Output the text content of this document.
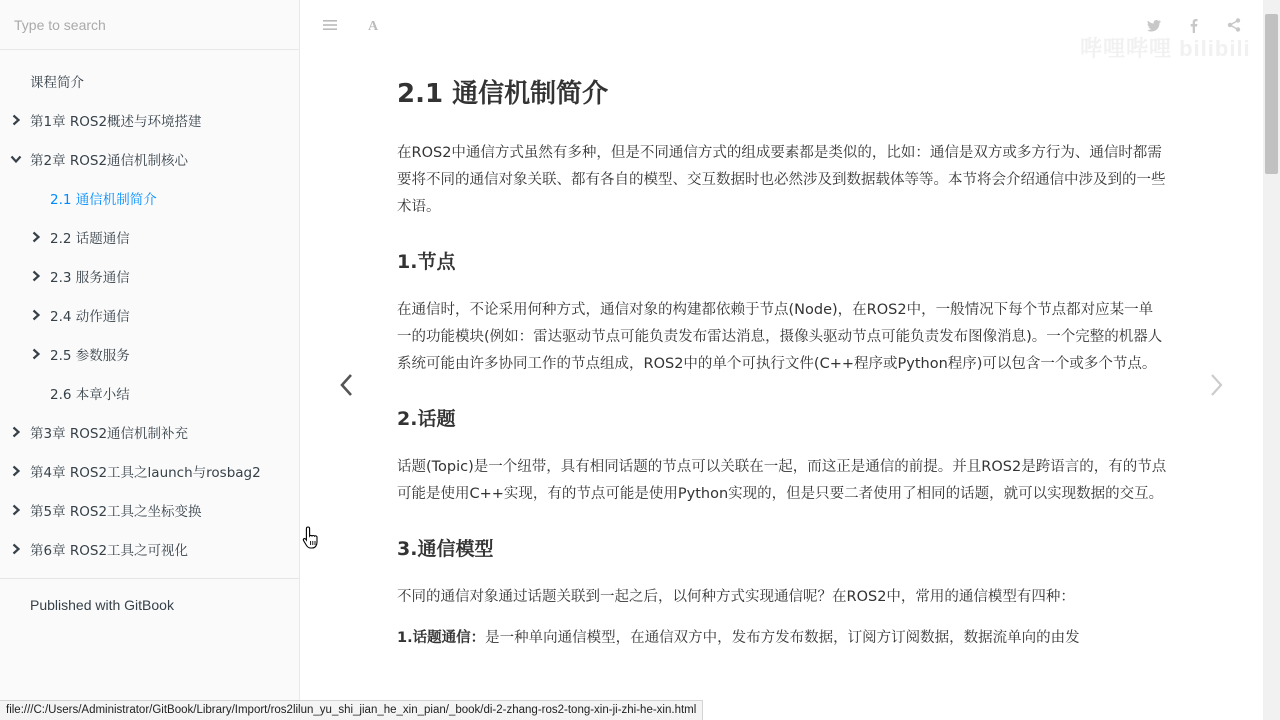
Type to search
课程简介
第1章 ROS2概述与环境搭建
第2章 ROS2通信机制核心
2.1 通信机制简介
2.2 话题通信
2.3 服务通信
2.4 动作通信
2.5 参数服务
2.6 本章小结
第3章 ROS2通信机制补充
第4章 ROS2工具之launch与rosbag2
第5章 ROS2工具之坐标变换
第6章 ROS2工具之可视化
Published with GitBook
A
哔哩哔哩 bilibili
2.1 通信机制简介

在ROS2中通信方式虽然有多种，但是不同通信方式的组成要素都是类似的，比如：通信是双方或多方行为、通信时都需要将不同的通信对象关联、都有各自的模型、交互数据时也必然涉及到数据载体等等。本节将会介绍通信中涉及到的一些术语。

1.节点

在通信时，不论采用何种方式，通信对象的构建都依赖于节点(Node)，在ROS2中，一般情况下每个节点都对应某一单一的功能模块(例如：雷达驱动节点可能负责发布雷达消息，摄像头驱动节点可能负责发布图像消息)。一个完整的机器人系统可能由许多协同工作的节点组成，ROS2中的单个可执行文件(C++程序或Python程序)可以包含一个或多个节点。

2.话题

话题(Topic)是一个纽带，具有相同话题的节点可以关联在一起，而这正是通信的前提。并且ROS2是跨语言的，有的节点可能是使用C++实现，有的节点可能是使用Python实现的，但是只要二者使用了相同的话题，就可以实现数据的交互。

3.通信模型

不同的通信对象通过话题关联到一起之后，以何种方式实现通信呢？在ROS2中，常用的通信模型有四种：

1.话题通信：是一种单向通信模型，在通信双方中，发布方发布数据，订阅方订阅数据，数据流单向的由发
file:///C:/Users/Administrator/GitBook/Library/Import/ros2lilun_yu_shi_jian_he_xin_pian/_book/di-2-zhang-ros2-tong-xin-ji-zhi-he-xin.html
